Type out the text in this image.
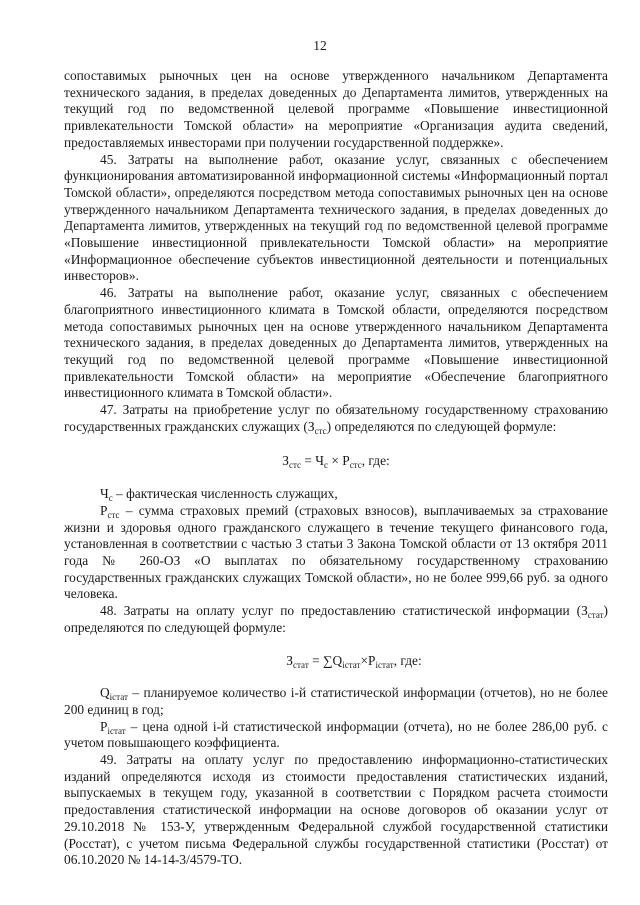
12

сопоставимых рыночных цен на основе утвержденного начальником Департамента технического задания, в пределах доведенных до Департамента лимитов, утвержденных на текущий год по ведомственной целевой программе «Повышение инвестиционной привлекательности Томской области» на мероприятие «Организация аудита сведений, предоставляемых инвесторами при получении государственной поддержке».

45. Затраты на выполнение работ, оказание услуг, связанных с обеспечением функционирования автоматизированной информационной системы «Информационный портал Томской области», определяются посредством метода сопоставимых рыночных цен на основе утвержденного начальником Департамента технического задания, в пределах доведенных до Департамента лимитов, утвержденных на текущий год по ведомственной целевой программе «Повышение инвестиционной привлекательности Томской области» на мероприятие «Информационное обеспечение субъектов инвестиционной деятельности и потенциальных инвесторов».

46. Затраты на выполнение работ, оказание услуг, связанных с обеспечением благоприятного инвестиционного климата в Томской области, определяются посредством метода сопоставимых рыночных цен на основе утвержденного начальником Департамента технического задания, в пределах доведенных до Департамента лимитов, утвержденных на текущий год по ведомственной целевой программе «Повышение инвестиционной привлекательности Томской области» на мероприятие «Обеспечение благоприятного инвестиционного климата в Томской области».

47. Затраты на приобретение услуг по обязательному государственному страхованию государственных гражданских служащих $(З_{стс})$ определяются по следующей формуле:

$З_{стс} = Ч_с \times Р_{стс}$, где:

$Ч_с$ – фактическая численность служащих,

$Р_{стс}$ – сумма страховых премий (страховых взносов), выплачиваемых за страхование жизни и здоровья одного гражданского служащего в течение текущего финансового года, установленная в соответствии с частью 3 статьи 3 Закона Томской области от 13 октября 2011 года № 260-ОЗ «О выплатах по обязательному государственному страхованию государственных гражданских служащих Томской области», но не более 999,66 руб. за одного человека.

48. Затраты на оплату услуг по предоставлению статистической информации $(З_{стат})$ определяются по следующей формуле:

$З_{стат} = \sum Q_{iстат}\times P_{iстат}$, где:

$Q_{iстат}$ – планируемое количество i-й статистической информации (отчетов), но не более 200 единиц в год;

$P_{iстат}$ – цена одной i-й статистической информации (отчета), но не более 286,00 руб. с учетом повышающего коэффициента.

49. Затраты на оплату услуг по предоставлению информационно-статистических изданий определяются исходя из стоимости предоставления статистических изданий, выпускаемых в текущем году, указанной в соответствии с Порядком расчета стоимости предоставления статистической информации на основе договоров об оказании услуг от 29.10.2018 № 153-У, утвержденным Федеральной службой государственной статистики (Росстат), с учетом письма Федеральной службы государственной статистики (Росстат) от 06.10.2020 № 14-14-3/4579-ТО.
